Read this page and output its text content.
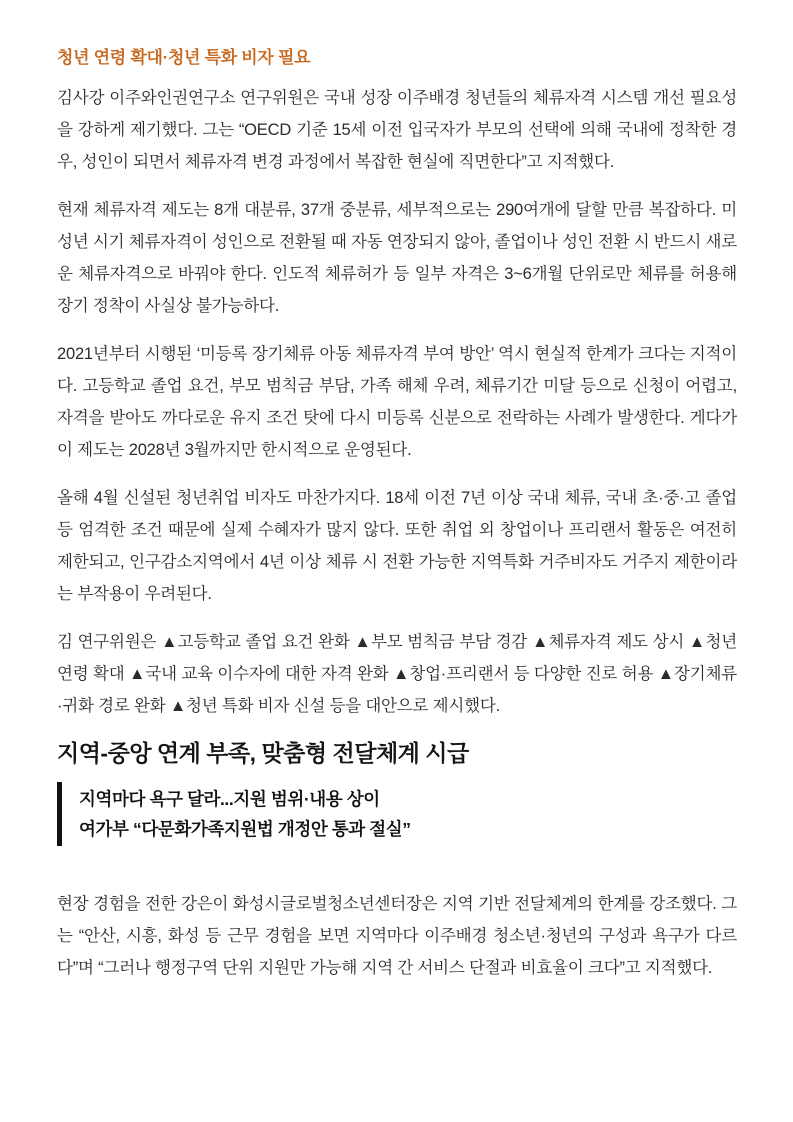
청년 연령 확대·청년 특화 비자 필요

김사강 이주와인권연구소 연구위원은 국내 성장 이주배경 청년들의 체류자격 시스템 개선 필요성을 강하게 제기했다. 그는 “OECD 기준 15세 이전 입국자가 부모의 선택에 의해 국내에 정착한 경우, 성인이 되면서 체류자격 변경 과정에서 복잡한 현실에 직면한다”고 지적했다.

현재 체류자격 제도는 8개 대분류, 37개 중분류, 세부적으로는 290여개에 달할 만큼 복잡하다. 미성년 시기 체류자격이 성인으로 전환될 때 자동 연장되지 않아, 졸업이나 성인 전환 시 반드시 새로운 체류자격으로 바꿔야 한다. 인도적 체류허가 등 일부 자격은 3~6개월 단위로만 체류를 허용해 장기 정착이 사실상 불가능하다.

2021년부터 시행된 ‘미등록 장기체류 아동 체류자격 부여 방안’ 역시 현실적 한계가 크다는 지적이다. 고등학교 졸업 요건, 부모 범칙금 부담, 가족 해체 우려, 체류기간 미달 등으로 신청이 어렵고, 자격을 받아도 까다로운 유지 조건 탓에 다시 미등록 신분으로 전락하는 사례가 발생한다. 게다가 이 제도는 2028년 3월까지만 한시적으로 운영된다.

올해 4월 신설된 청년취업 비자도 마찬가지다. 18세 이전 7년 이상 국내 체류, 국내 초·중·고 졸업 등 엄격한 조건 때문에 실제 수혜자가 많지 않다. 또한 취업 외 창업이나 프리랜서 활동은 여전히 제한되고, 인구감소지역에서 4년 이상 체류 시 전환 가능한 지역특화 거주비자도 거주지 제한이라는 부작용이 우려된다.

김 연구위원은 ▲고등학교 졸업 요건 완화 ▲부모 범칙금 부담 경감 ▲체류자격 제도 상시 ▲청년 연령 확대 ▲국내 교육 이수자에 대한 자격 완화 ▲창업·프리랜서 등 다양한 진로 허용 ▲장기체류·귀화 경로 완화 ▲청년 특화 비자 신설 등을 대안으로 제시했다.

지역-중앙 연계 부족, 맞춤형 전달체계 시급
지역마다 욕구 달라...지원 범위·내용 상이
여가부 “다문화가족지원법 개정안 통과 절실”

현장 경험을 전한 강은이 화성시글로벌청소년센터장은 지역 기반 전달체계의 한계를 강조했다. 그는 “안산, 시흥, 화성 등 근무 경험을 보면 지역마다 이주배경 청소년·청년의 구성과 욕구가 다르다”며 “그러나 행정구역 단위 지원만 가능해 지역 간 서비스 단절과 비효율이 크다”고 지적했다.
